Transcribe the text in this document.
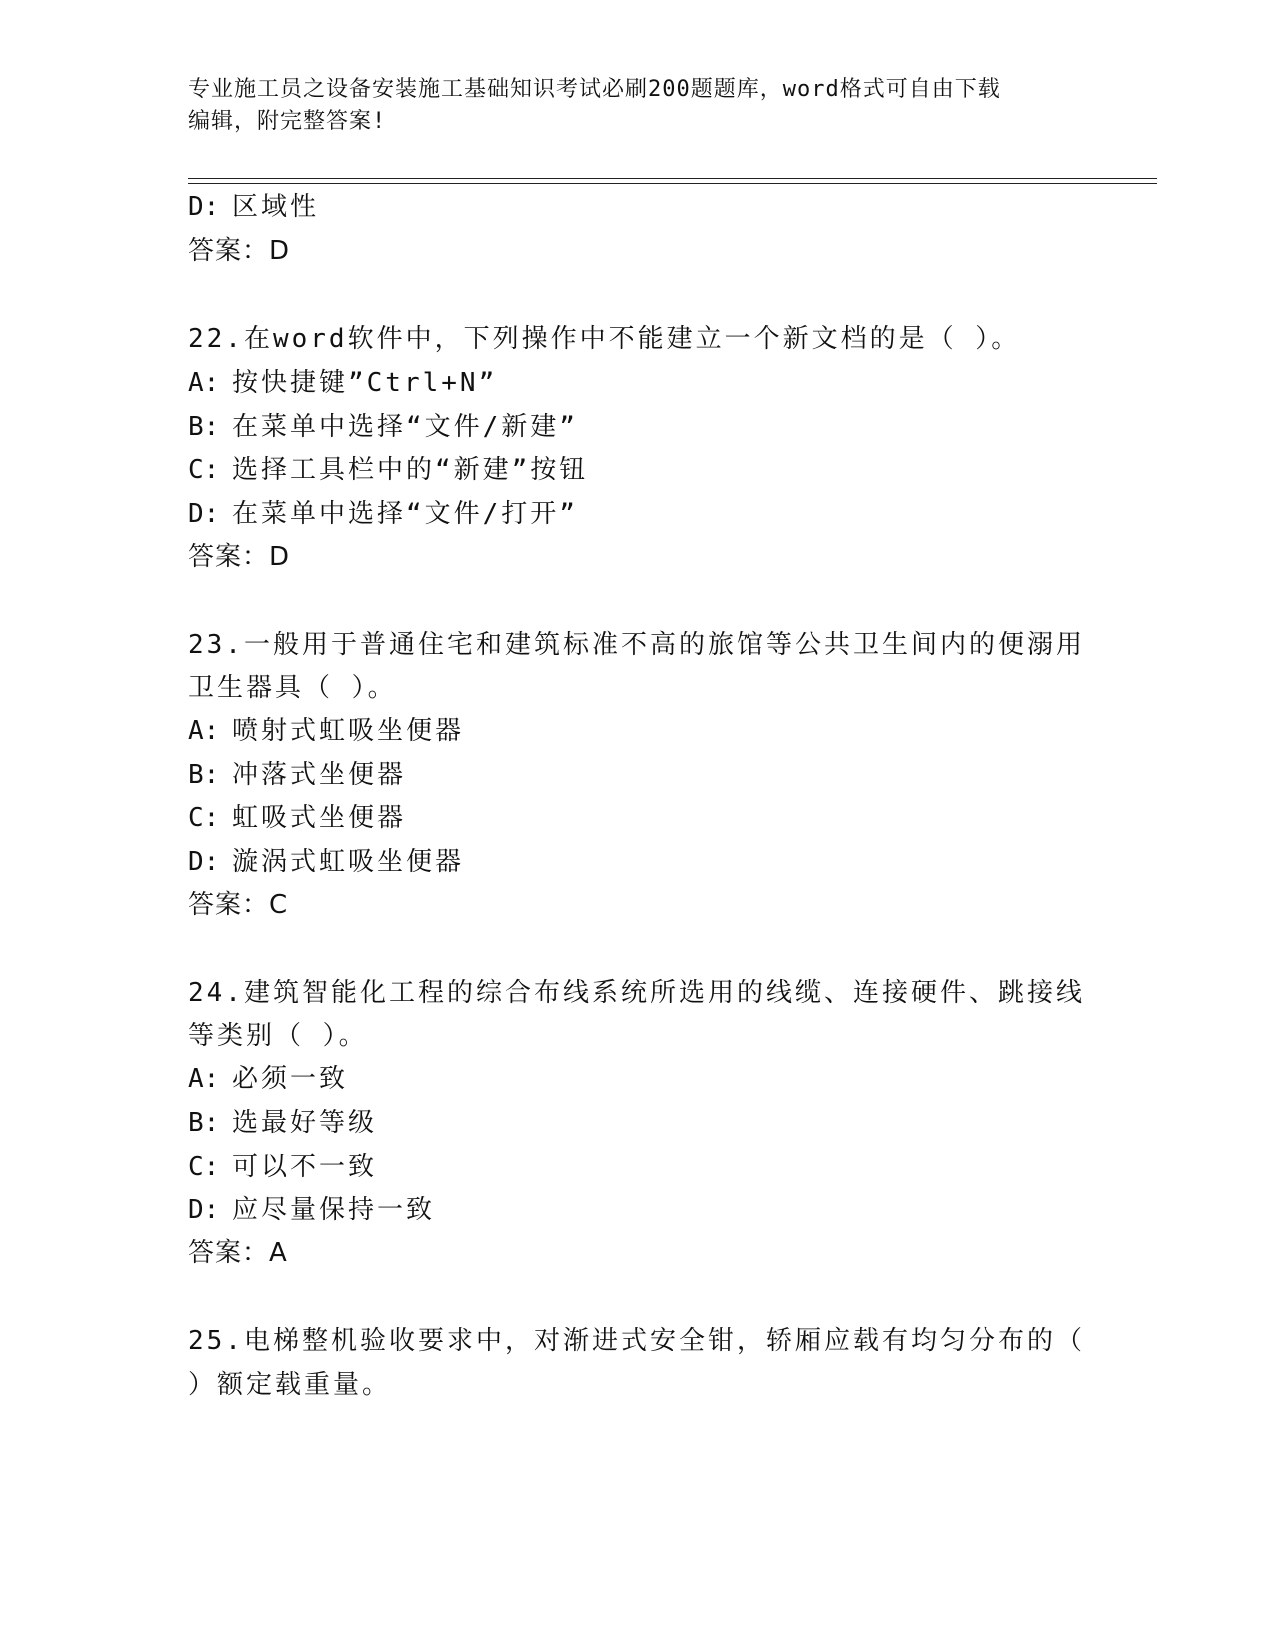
专业施工员之设备安装施工基础知识考试必刷200题题库，word格式可自由下载
编辑，附完整答案!
D: 区域性
答案：D
22.在word软件中，下列操作中不能建立一个新文档的是（ ）。
A: 按快捷键”Ctrl+N”
B: 在菜单中选择“文件/新建”
C: 选择工具栏中的“新建”按钮
D: 在菜单中选择“文件/打开”
答案：D
23.一般用于普通住宅和建筑标准不高的旅馆等公共卫生间内的便溺用
卫生器具（ ）。
A: 喷射式虹吸坐便器
B: 冲落式坐便器
C: 虹吸式坐便器
D: 漩涡式虹吸坐便器
答案：C
24.建筑智能化工程的综合布线系统所选用的线缆、连接硬件、跳接线
等类别（ ）。
A: 必须一致
B: 选最好等级
C: 可以不一致
D: 应尽量保持一致
答案：A
25.电梯整机验收要求中，对渐进式安全钳，轿厢应载有均匀分布的（
）额定载重量。
